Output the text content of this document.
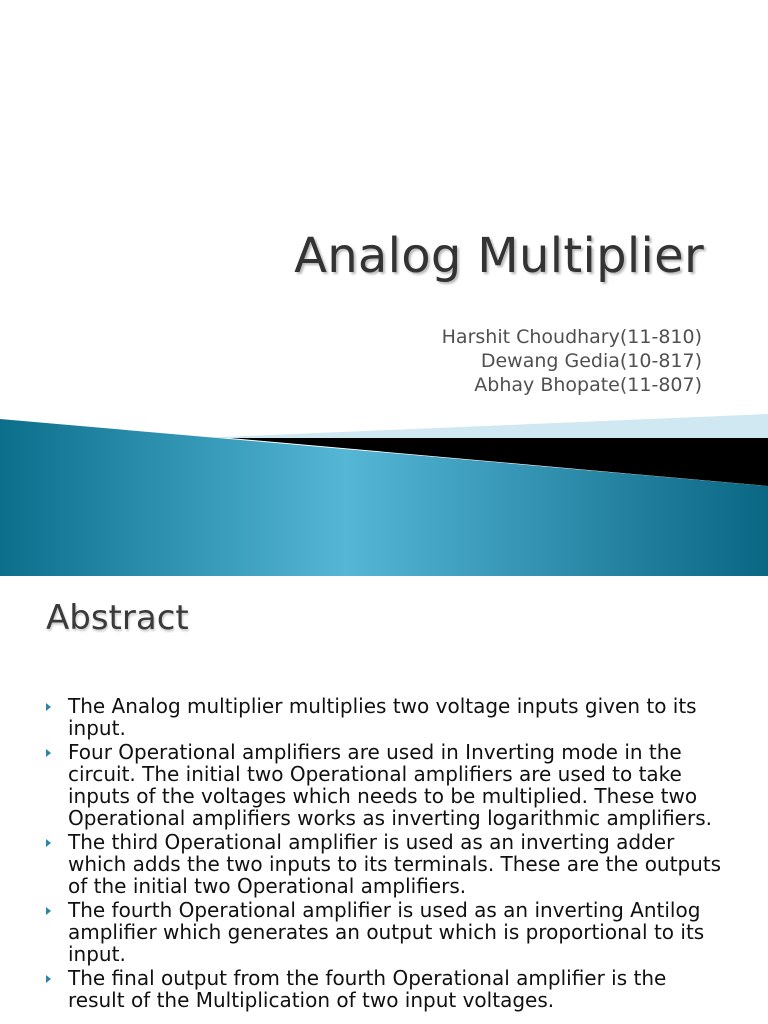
Analog Multiplier
Harshit Choudhary(11-810)
Dewang Gedia(10-817)
Abhay Bhopate(11-807)
Abstract
The Analog multiplier multiplies two voltage inputs given to its input.
Four Operational amplifiers are used in Inverting mode in the circuit. The initial two Operational amplifiers are used to take inputs of the voltages which needs to be multiplied. These two Operational amplifiers works as inverting logarithmic amplifiers.
The third Operational amplifier is used as an inverting adder which adds the two inputs to its terminals. These are the outputs of the initial two Operational amplifiers.
The fourth Operational amplifier is used as an inverting Antilog amplifier which generates an output which is proportional to its input.
The final output from the fourth Operational amplifier is the result of the Multiplication of two input voltages.
